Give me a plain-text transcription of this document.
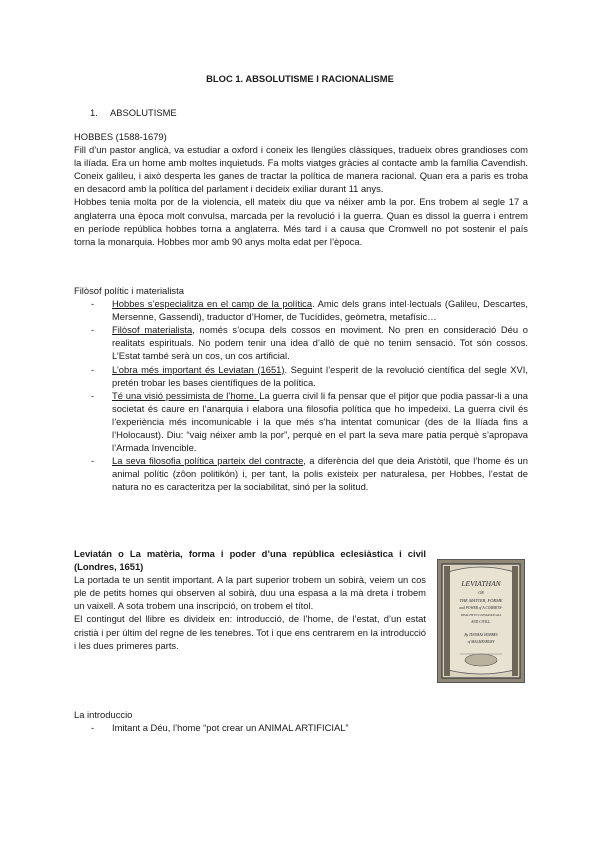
BLOC 1. ABSOLUTISME I RACIONALISME
1. ABSOLUTISME

HOBBES (1588-1679)

Fill d’un pastor anglicà, va estudiar a oxford i coneix les llengües clàssiques, tradueix obres grandioses com la ilíada. Era un home amb moltes inquietuds. Fa molts viatges gràcies al contacte amb la família Cavendish. Coneix galileu, i això desperta les ganes de tractar la política de manera racional. Quan era a paris es troba en desacord amb la política del parlament i decideix exiliar durant 11 anys.

Hobbes tenia molta por de la violencia, ell mateix diu que va néixer amb la por. Ens trobem al segle 17 a anglaterra una època molt convulsa, marcada per la revolució i la guerra. Quan es dissol la guerra i entrem en període república hobbes torna a anglaterra. Més tard i a causa que Cromwell no pot sostenir el país torna la monarquia. Hobbes mor amb 90 anys molta edat per l’època.

Filòsof polític i materialista

- Hobbes s’especialitza en el camp de la política. Amic dels grans intel·lectuals (Galileu, Descartes, Mersenne, Gassendi), traductor d’Homer, de Tucídides, geòmetra, metafísic…
- Filòsof materialista, només s’ocupa dels cossos en moviment. No pren en consideració Déu o realitats espirituals. No podem tenir una idea d’allò de què no tenim sensació. Tot són cossos. L’Estat també serà un cos, un cos artificial.
- L’obra més important és Leviatan (1651). Seguint l’esperit de la revolució científica del segle XVI, pretén trobar les bases científiques de la política.
- Té una visió pessimista de l’home. La guerra civil li fa pensar que el pitjor que podia passar-li a una societat és caure en l’anarquia i elabora una filosofia política que ho impedeixi. La guerra civil és l’experiència més incomunicable i la que més s’ha intentat comunicar (des de la Ilíada fins a l’Holocaust). Diu: “vaig néixer amb la por”, perquè en el part la seva mare patia perquè s’apropava l’Armada Invencible.
- La seva filosofia política parteix del contracte, a diferència del que deia Aristòtil, que l’home és un animal polític (zôon politikón) i, per tant, la polis existeix per naturalesa, per Hobbes, l’estat de natura no es caracteritza per la sociabilitat, sinó per la solitud.

Leviatán o La matèria, forma i poder d’una república eclesiàstica i civil (Londres, 1651)

La portada te un sentit important. A la part superior trobem un sobirà, veiem un cos ple de petits homes qui observen al sobirà, duu una espasa a la mà dreta i trobem un vaixell. A sota trobem una inscripció, on trobem el títol.

El contingut del llibre es divideix en: introducció, de l’home, de l’estat, d’un estat cristià i per últim del regne de les tenebres. Tot i que ens centrarem en la introducció i les dues primeres parts.

LEVIATHAN
OR
THE MATTER, FORME
and POWER of A COMMON-
WEALTH ECCLESIASTICALL
AND CIVILL.
By THOMAS HOBBES
of MALMESBURY

La introduccio

- Imitant a Déu, l’home “pot crear un ANIMAL ARTIFICIAL”
